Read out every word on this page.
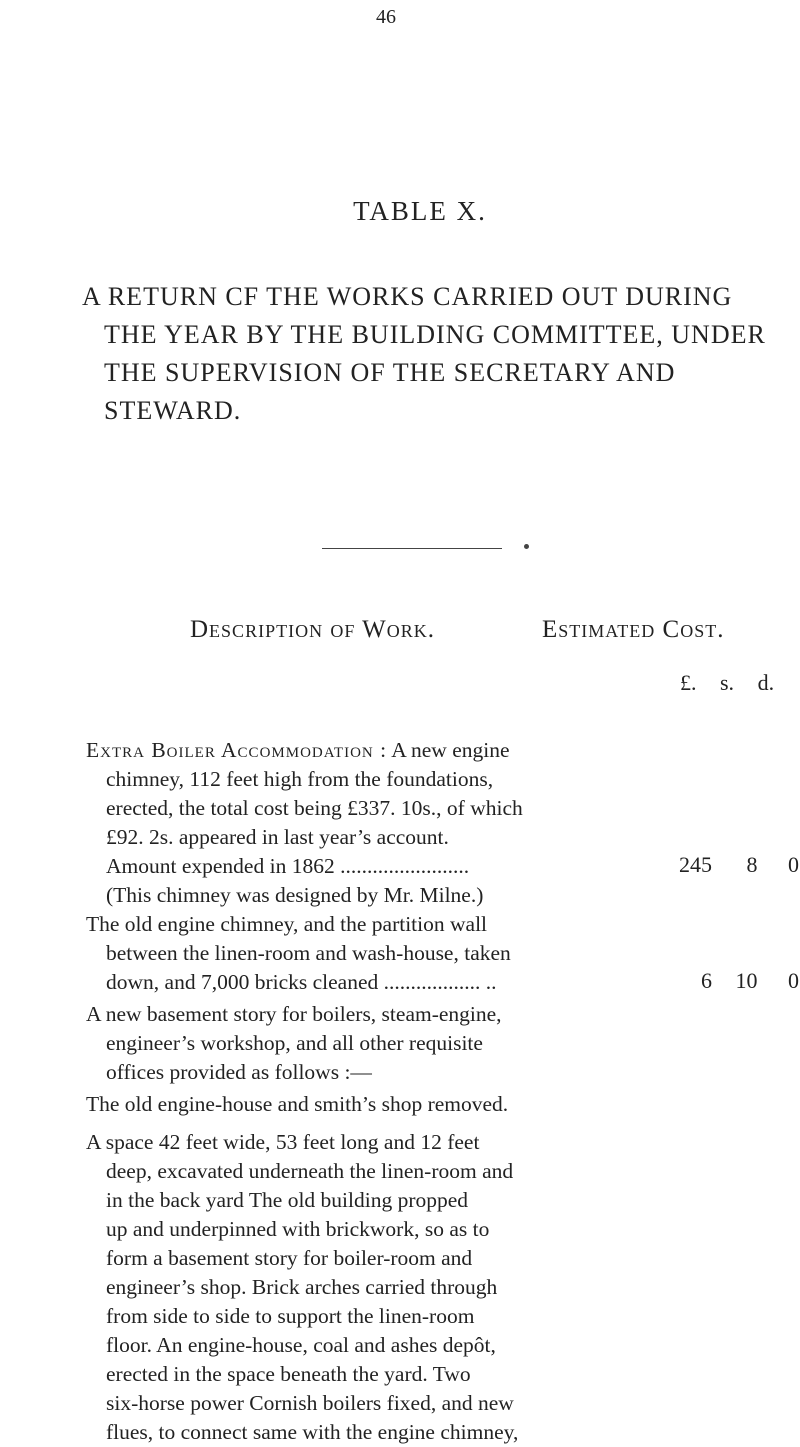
46
TABLE X.
A RETURN CF THE WORKS CARRIED OUT DURING
THE YEAR BY THE BUILDING COMMITTEE, UNDER
THE SUPERVISION OF THE SECRETARY AND
STEWARD.
Description of Work.	Estimated Cost.
£. s. d.
Extra Boiler Accommodation : A new engine
chimney, 112 feet high from the foundations,
erected, the total cost being £337. 10s., of which
£92. 2s. appeared in last year’s account.
Amount expended in 1862 ........................
(This chimney was designed by Mr. Milne.)
245 8 0
The old engine chimney, and the partition wall
between the linen-room and wash-house, taken
down, and 7,000 bricks cleaned .................. ..	6 10 0
A new basement story for boilers, steam-engine,
engineer’s workshop, and all other requisite
offices provided as follows :—
The old engine-house and smith’s shop removed.
A space 42 feet wide, 53 feet long and 12 feet
deep, excavated underneath the linen-room and
in the back yard The old building propped
up and underpinned with brickwork, so as to
form a basement story for boiler-room and
engineer’s shop. Brick arches carried through
from side to side to support the linen-room
floor. An engine-house, coal and ashes depôt,
erected in the space beneath the yard. Two
six-horse power Cornish boilers fixed, and new
flues, to connect same with the engine chimney,
